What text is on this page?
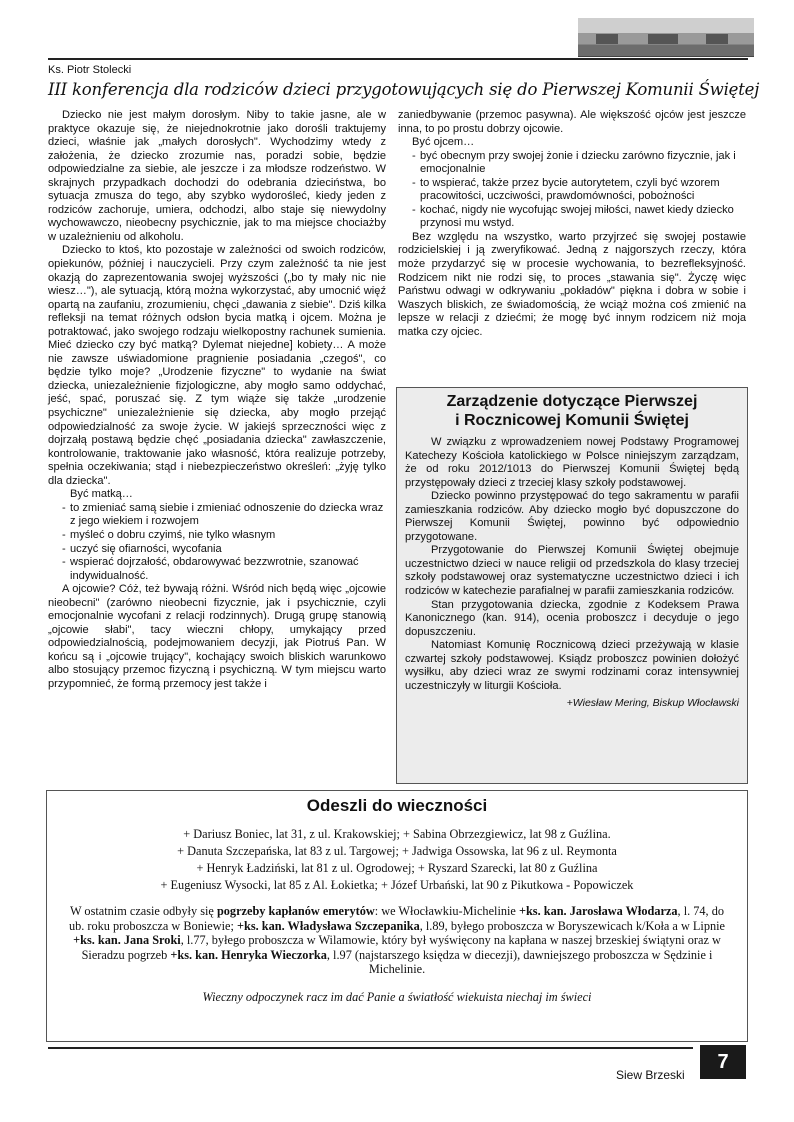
Ks. Piotr Stolecki
III konferencja dla rodziców dzieci przygotowujących się do Pierwszej Komunii Świętej

Dziecko nie jest małym dorosłym. Niby to takie jasne, ale w praktyce okazuje się, że niejednokrotnie jako dorośli traktujemy dzieci, właśnie jak „małych dorosłych". Wychodzimy wtedy z założenia, że dziecko zrozumie nas, poradzi sobie, będzie odpowiedzialne za siebie, ale jeszcze i za młodsze rodzeństwo. W skrajnych przypadkach dochodzi do odebrania dzieciństwa, bo sytuacja zmusza do tego, aby szybko wydorośleć, kiedy jeden z rodziców zachoruje, umiera, odchodzi, albo staje się niewydolny wychowawczo, nieobecny psychicznie, jak to ma miejsce chociażby w uzależnieniu od alkoholu.

Dziecko to ktoś, kto pozostaje w zależności od swoich rodziców, opiekunów, później i nauczycieli. Przy czym zależność ta nie jest okazją do zaprezentowania swojej wyższości („bo ty mały nic nie wiesz…"), ale sytuacją, którą można wykorzystać, aby umocnić więź opartą na zaufaniu, zrozumieniu, chęci „dawania z siebie". Dziś kilka refleksji na temat różnych odsłon bycia matką i ojcem. Można je potraktować, jako swojego rodzaju wielkopostny rachunek sumienia. Mieć dziecko czy być matką? Dylemat niejedne] kobiety… A może nie zawsze uświadomione pragnienie posiadania „czegoś", co będzie tylko moje? „Urodzenie fizyczne" to wydanie na świat dziecka, uniezależnienie fizjologiczne, aby mogło samo oddychać, jeść, spać, poruszać się. Z tym wiąże się także „urodzenie psychiczne" uniezależnienie się dziecka, aby mogło przejąć odpowiedzialność za swoje życie. W jakiejś sprzeczności więc z dojrzałą postawą będzie chęć „posiadania dziecka" zawłaszczenie, kontrolowanie, traktowanie jako własność, która realizuje potrzeby, spełnia oczekiwania; stąd i niebezpieczeństwo określeń: „żyję tylko dla dziecka".

Być matką…

- to zmieniać samą siebie i zmieniać odnoszenie do dziecka wraz z jego wiekiem i rozwojem

- myśleć o dobru czyimś, nie tylko własnym

- uczyć się ofiarności, wycofania

- wspierać dojrzałość, obdarowywać bezzwrotnie, szanować indywidualność.

A ojcowie? Cóż, też bywają różni. Wśród nich będą więc „ojcowie nieobecni" (zarówno nieobecni fizycznie, jak i psychicznie, czyli emocjonalnie wycofani z relacji rodzinnych). Drugą grupę stanowią „ojcowie słabi", tacy wieczni chłopy, umykający przed odpowiedzialnością, podejmowaniem decyzji, jak Piotruś Pan. W końcu są i „ojcowie trujący", kochający swoich bliskich warunkowo albo stosujący przemoc fizyczną i psychiczną. W tym miejscu warto przypomnieć, że formą przemocy jest także i

zaniedbywanie (przemoc pasywna). Ale większość ojców jest jeszcze inna, to po prostu dobrzy ojcowie.

Być ojcem…

- być obecnym przy swojej żonie i dziecku zarówno fizycznie, jak i emocjonalnie

- to wspierać, także przez bycie autorytetem, czyli być wzorem pracowitości, uczciwości, prawdomówności, pobożności

- kochać, nigdy nie wycofując swojej miłości, nawet kiedy dziecko przynosi mu wstyd.

Bez względu na wszystko, warto przyjrzeć się swojej postawie rodzicielskiej i ją zweryfikować. Jedną z najgorszych rzeczy, która może przydarzyć się w procesie wychowania, to bezrefleksyjność. Rodzicem nikt nie rodzi się, to proces „stawania się". Życzę więc Państwu odwagi w odkrywaniu „pokładów" piękna i dobra w sobie i Waszych bliskich, ze świadomością, że wciąż można coś zmienić na lepsze w relacji z dziećmi; że mogę być innym rodzicem niż moja matka czy ojciec.

Zarządzenie dotyczące Pierwszej
i Rocznicowej Komunii Świętej

W związku z wprowadzeniem nowej Podstawy Programowej Katechezy Kościoła katolickiego w Polsce niniejszym zarządzam, że od roku 2012/1013 do Pierwszej Komunii Świętej będą przystępowały dzieci z trzeciej klasy szkoły podstawowej.

Dziecko powinno przystępować do tego sakramentu w parafii zamieszkania rodziców. Aby dziecko mogło być dopuszczone do Pierwszej Komunii Świętej, powinno być odpowiednio przygotowane.

Przygotowanie do Pierwszej Komunii Świętej obejmuje uczestnictwo dzieci w nauce religii od przedszkola do klasy trzeciej szkoły podstawowej oraz systematyczne uczestnictwo dzieci i ich rodziców w katechezie parafialnej w parafii zamieszkania rodziców.

Stan przygotowania dziecka, zgodnie z Kodeksem Prawa Kanonicznego (kan. 914), ocenia proboszcz i decyduje o jego dopuszczeniu.

Natomiast Komunię Rocznicową dzieci przeżywają w klasie czwartej szkoły podstawowej. Ksiądz proboszcz powinien dołożyć wysiłku, aby dzieci wraz ze swymi rodzinami coraz intensywniej uczestniczyły w liturgii Kościoła.

+Wiesław Mering, Biskup Włocławski

Odeszli do wieczności
+ Dariusz Boniec, lat 31, z ul. Krakowskiej; + Sabina Obrzezgiewicz, lat 98 z Guźlina.
+ Danuta Szczepańska, lat 83 z ul. Targowej; + Jadwiga Ossowska, lat 96 z ul. Reymonta
+ Henryk Ładziński, lat 81 z ul. Ogrodowej; + Ryszard Szarecki, lat 80 z Guźlina
+ Eugeniusz Wysocki, lat 85 z Al. Łokietka; + Józef Urbański, lat 90 z Pikutkowa - Popowiczek
W ostatnim czasie odbyły się pogrzeby kapłanów emerytów: we Włocławkiu-Michelinie +ks. kan. Jarosława Włodarza, l. 74, do ub. roku proboszcza w Boniewie; +ks. kan. Władysława Szczepanika, l.89, byłego proboszcza w Boryszewicach k/Koła a w Lipnie +ks. kan. Jana Sroki, l.77, byłego proboszcza w Wilamowie, który był wyświęcony na kapłana w naszej brzeskiej świątyni oraz w Sieradzu pogrzeb +ks. kan. Henryka Wieczorka, l.97 (najstarszego księdza w diecezji), dawniejszego proboszcza w Sędzinie i Michelinie.
Wieczny odpoczynek racz im dać Panie a światłość wiekuista niechaj im świeci
Siew Brzeski
7
